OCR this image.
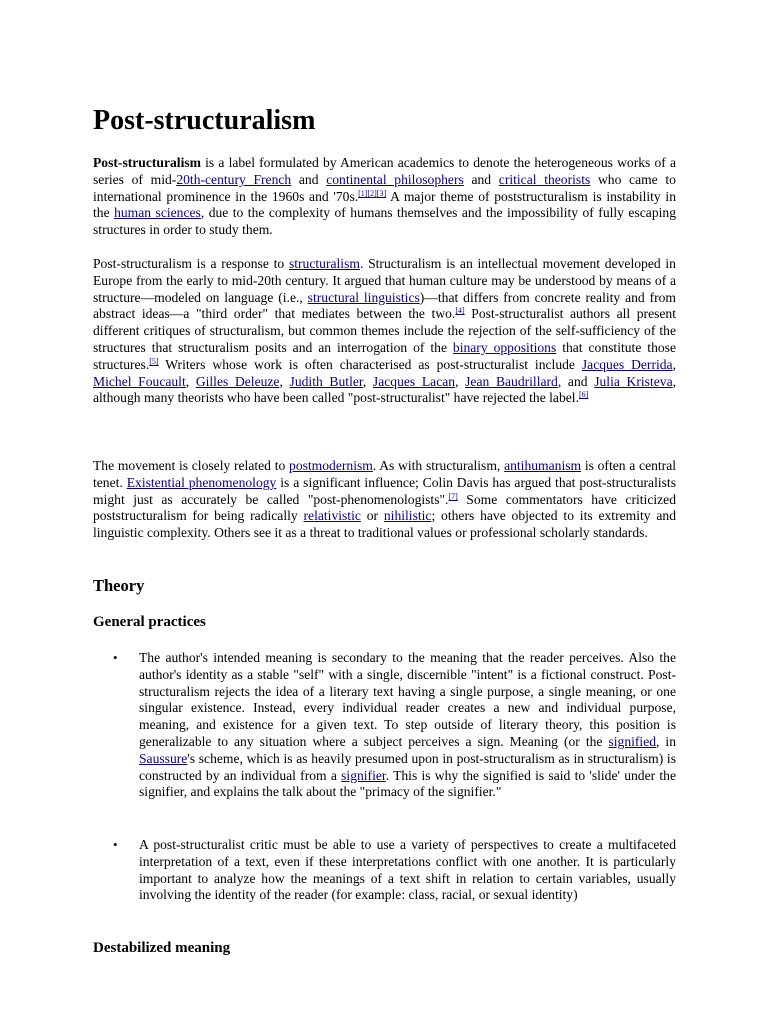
Post-structuralism

Post-structuralism is a label formulated by American academics to denote the heterogeneous works of a series of mid-20th-century French and continental philosophers and critical theorists who came to international prominence in the 1960s and '70s.[1][2][3] A major theme of poststructuralism is instability in the human sciences, due to the complexity of humans themselves and the impossibility of fully escaping structures in order to study them.

Post-structuralism is a response to structuralism. Structuralism is an intellectual movement developed in Europe from the early to mid-20th century. It argued that human culture may be understood by means of a structure—modeled on language (i.e., structural linguistics)—that differs from concrete reality and from abstract ideas—a "third order" that mediates between the two.[4] Post-structuralist authors all present different critiques of structuralism, but common themes include the rejection of the self-sufficiency of the structures that structuralism posits and an interrogation of the binary oppositions that constitute those structures.[5] Writers whose work is often characterised as post-structuralist include Jacques Derrida, Michel Foucault, Gilles Deleuze, Judith Butler, Jacques Lacan, Jean Baudrillard, and Julia Kristeva, although many theorists who have been called "post-structuralist" have rejected the label.[6]

The movement is closely related to postmodernism. As with structuralism, antihumanism is often a central tenet. Existential phenomenology is a significant influence; Colin Davis has argued that post-structuralists might just as accurately be called "post-phenomenologists".[7] Some commentators have criticized poststructuralism for being radically relativistic or nihilistic; others have objected to its extremity and linguistic complexity. Others see it as a threat to traditional values or professional scholarly standards.

Theory
General practices
• The author's intended meaning is secondary to the meaning that the reader perceives. Also the author's identity as a stable "self" with a single, discernible "intent" is a fictional construct. Post-structuralism rejects the idea of a literary text having a single purpose, a single meaning, or one singular existence. Instead, every individual reader creates a new and individual purpose, meaning, and existence for a given text. To step outside of literary theory, this position is generalizable to any situation where a subject perceives a sign. Meaning (or the signified, in Saussure's scheme, which is as heavily presumed upon in post-structuralism as in structuralism) is constructed by an individual from a signifier. This is why the signified is said to 'slide' under the signifier, and explains the talk about the "primacy of the signifier."

• A post-structuralist critic must be able to use a variety of perspectives to create a multifaceted interpretation of a text, even if these interpretations conflict with one another. It is particularly important to analyze how the meanings of a text shift in relation to certain variables, usually involving the identity of the reader (for example: class, racial, or sexual identity)

Destabilized meaning
